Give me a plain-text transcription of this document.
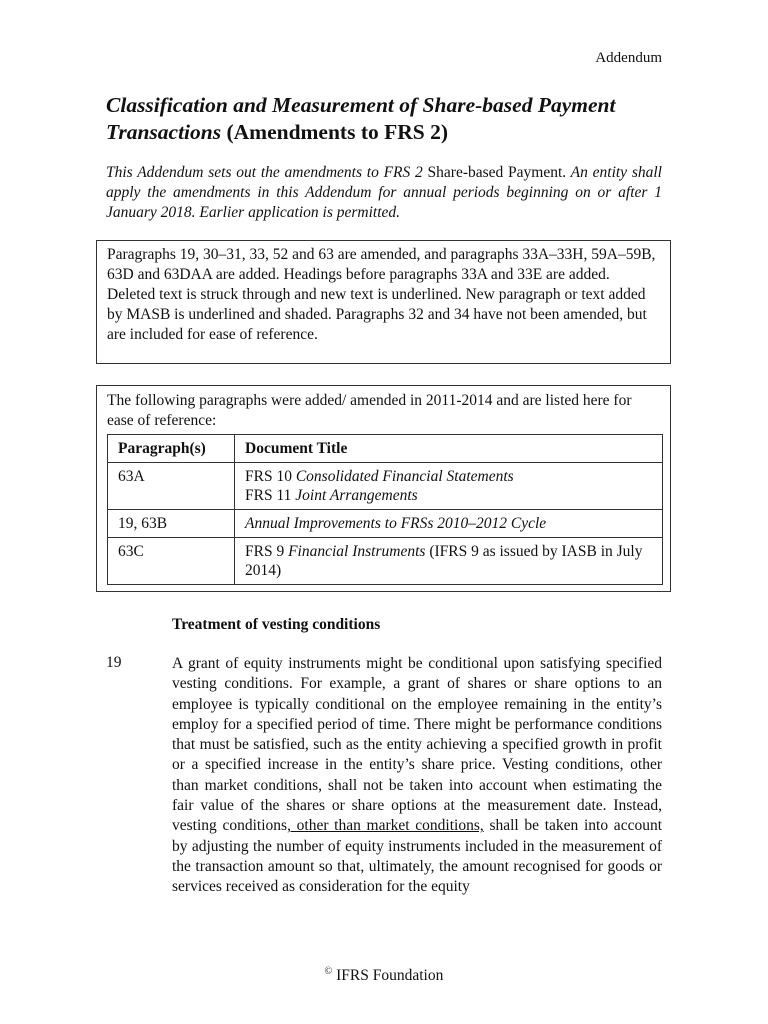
Addendum
Classification and Measurement of Share-based Payment Transactions (Amendments to FRS 2)
This Addendum sets out the amendments to FRS 2 Share-based Payment. An entity shall apply the amendments in this Addendum for annual periods beginning on or after 1 January 2018. Earlier application is permitted.
Paragraphs 19, 30–31, 33, 52 and 63 are amended, and paragraphs 33A–33H, 59A–59B, 63D and 63DAA are added. Headings before paragraphs 33A and 33E are added. Deleted text is struck through and new text is underlined. New paragraph or text added by MASB is underlined and shaded. Paragraphs 32 and 34 have not been amended, but are included for ease of reference.
The following paragraphs were added/ amended in 2011-2014 and are listed here for ease of reference:
Paragraph(s)	Document Title
63A	FRS 10 Consolidated Financial Statements
FRS 11 Joint Arrangements
19, 63B	Annual Improvements to FRSs 2010–2012 Cycle
63C	FRS 9 Financial Instruments (IFRS 9 as issued by IASB in July 2014)
Treatment of vesting conditions
19	A grant of equity instruments might be conditional upon satisfying specified vesting conditions. For example, a grant of shares or share options to an employee is typically conditional on the employee remaining in the entity’s employ for a specified period of time. There might be performance conditions that must be satisfied, such as the entity achieving a specified growth in profit or a specified increase in the entity’s share price. Vesting conditions, other than market conditions, shall not be taken into account when estimating the fair value of the shares or share options at the measurement date. Instead, vesting conditions, other than market conditions, shall be taken into account by adjusting the number of equity instruments included in the measurement of the transaction amount so that, ultimately, the amount recognised for goods or services received as consideration for the equity
© IFRS Foundation
